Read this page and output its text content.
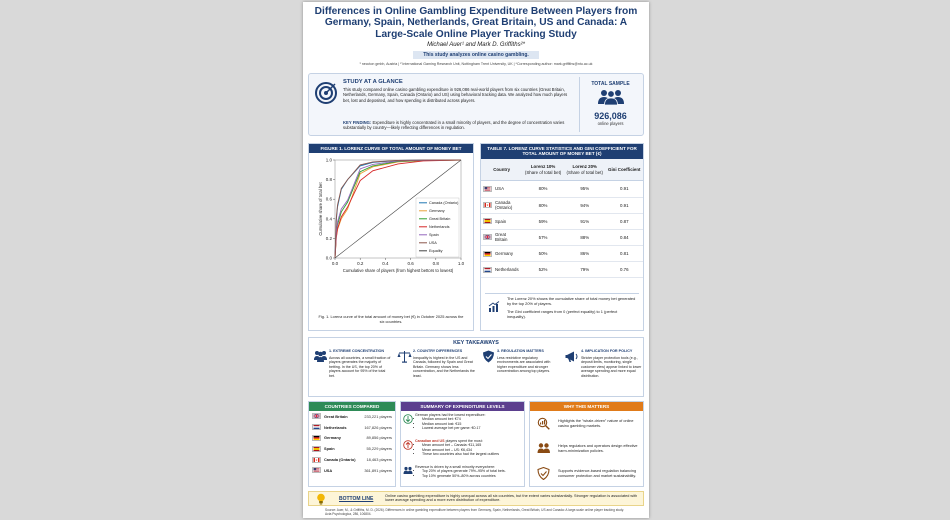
Differences in Online Gambling Expenditure Between Players from Germany, Spain, Netherlands, Great Britain, US and Canada: A Large-Scale Online Player Tracking Study
Michael Auer¹ and Mark D. Griffiths²*
This study analyzes online casino gambling.
¹ neccton gmbh, Austria | ² International Gaming Research Unit, Nottingham Trent University, UK | *Corresponding author: mark.griffiths@ntu.ac.uk
STUDY AT A GLANCE
This study compared online casino gambling expenditure in 926,086 real-world players from six countries (Great Britain, Netherlands, Germany, Spain, Canada (Ontario) and US) using behavioral tracking data. We analyzed how much players bet, lost and deposited, and how spending is distributed across players.
KEY FINDING: Expenditure is highly concentrated in a small minority of players, and the degree of concentration varies substantially by country—likely reflecting differences in regulation.
TOTAL SAMPLE
926,086
online players
FIGURE 1. LORENZ CURVE OF TOTAL AMOUNT OF MONEY BET
0.0	0.2	0.4	0.6	0.8	1.0
0.0
0.2
0.4
0.6
0.8
1.0
Cumulative share of players (from highest bettors to lowest)
Cumulative share of total bet	Canada (Ontario)
Germany
Great Britain
Netherlands
Spain
USA
Equality
Fig. 1. Lorenz curve of the total amount of money bet (€) in October 2025 across the six countries.
TABLE 7. LORENZ CURVE STATISTICS AND GINI COEFFICIENT FOR TOTAL AMOUNT OF MONEY BET (€)
Country	Lorenz 10%
(Share of total bet)	Lorenz 20%
(Share of total bet)	Gini Coefficient

USA	80%	95%	0.91
Canada (Ontario)	80%	94%	0.91
Spain	59%	91%	0.87
Great Britain	57%	88%	0.84
Germany	50%	86%	0.81
Netherlands	52%	79%	0.76

The Lorenz 20% shows the cumulative share of total money bet generated by the top 20% of players.

The Gini coefficient ranges from 0 (perfect equality) to 1 (perfect inequality).

KEY TAKEAWAYS
1. EXTREME CONCENTRATION
Across all countries, a small fraction of players generates the majority of betting. In the US, the top 20% of players account for 95% of the total bet.
2. COUNTRY DIFFERENCES
Inequality is highest in the US and Canada, followed by Spain and Great Britain. Germany shows less concentration, and the Netherlands the least.
3. REGULATION MATTERS
Less restrictive regulatory environments are associated with higher expenditure and stronger concentration among top players.
4. IMPLICATION FOR POLICY
Stricter player protection tools (e.g., deposit limits, monitoring, single customer view) appear linked to lower average spending and more equal distribution.
COUNTRIES COMPARED
Great Britain	233,221 players
Netherlands	167,826 players
Germany	89,856 players
Spain	55,229 players
Canada (Ontario)	18,463 players
USA	361,891 players
SUMMARY OF EXPENDITURE LEVELS
German players had the lowest expenditure:
• Median amount bet: €74
• Median amount lost: €15
• Lowest average bet per game: €0.17
Canadian and US players spent the most:
• Mean amount bet – Canada: €11,165
• Mean amount bet – US: €6,434
• These two countries also had the largest outliers
Revenue is driven by a small minority everywhere:
• Top 20% of players generate 79%–95% of total bets.
• Top 10% generate 50%–80% across countries
WHY THIS MATTERS
Highlights the "whale-driven" nature of online casino gambling markets.
Helps regulators and operators design effective harm-minimization policies.
Supports evidence-based regulation balancing consumer protection and market sustainability.
BOTTOM LINE
Online casino gambling expenditure is highly unequal across all six countries, but the extent varies substantially. Stronger regulation is associated with lower average spending and a more even distribution of expenditure.
Source: Auer, M., & Griffiths, M. D. (2026). Differences in online gambling expenditure between players from Germany, Spain, Netherlands, Great Britain, US and Canada: A large-scale online player tracking study. Acta Psychologica, 286, 106804.
